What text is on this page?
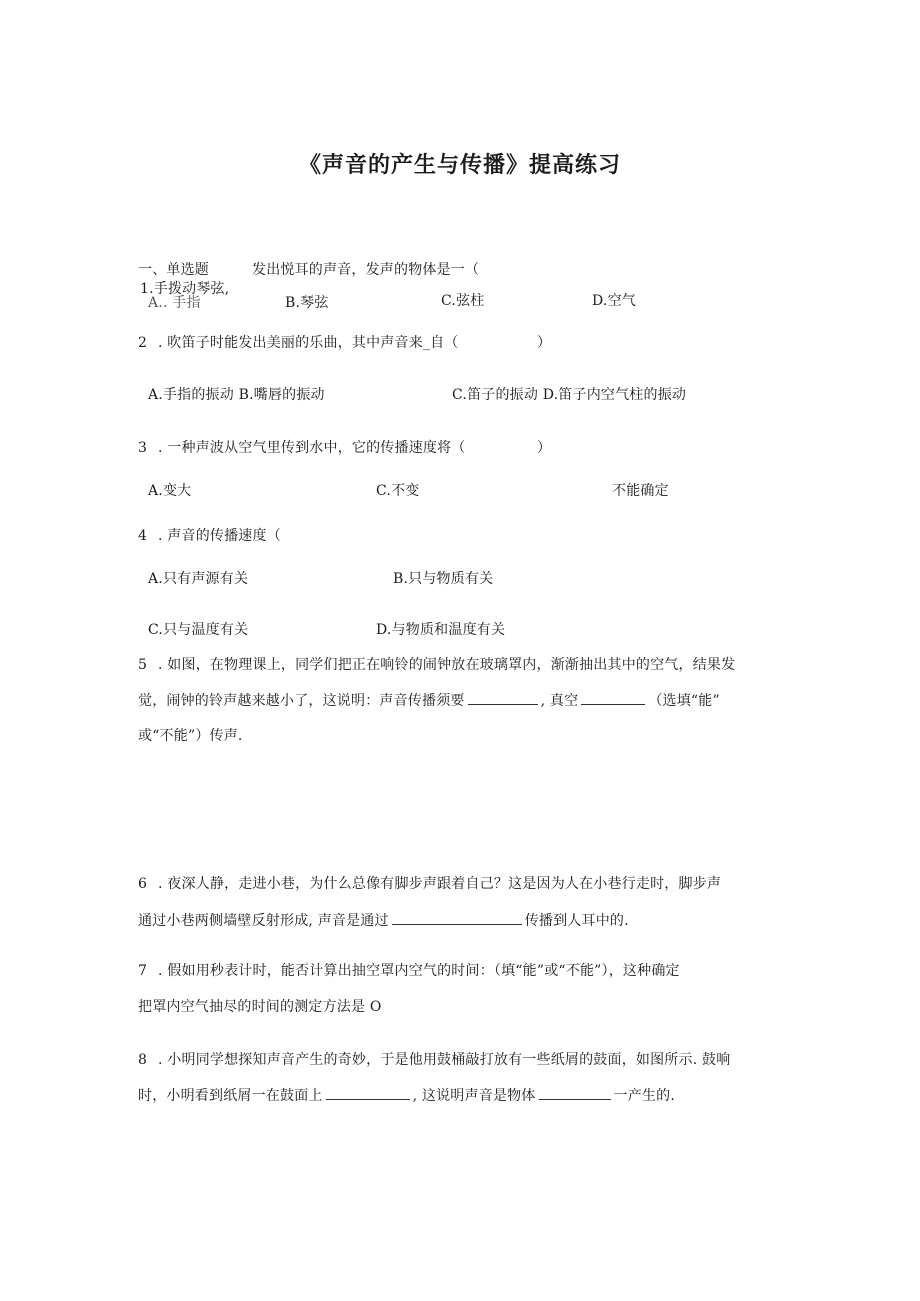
《声音的产生与传播》提高练习
一、单选题	发出悦耳的声音，发声的物体是一（
1.手拨动琴弦,
A.. 手指	B.琴弦	C.弦柱	D.空气
2 . 吹笛子时能发出美丽的乐曲，其中声音来_自（	）
A.手指的振动 B.嘴唇的振动	C.笛子的振动 D.笛子内空气柱的振动
3 . 一种声波从空气里传到水中，它的传播速度将（	）
A.变大	C.不变	不能确定
4 . 声音的传播速度（
A.只有声源有关	B.只与物质有关
C.只与温度有关	D.与物质和温度有关
5 . 如图，在物理课上，同学们把正在响铃的闹钟放在玻璃罩内，渐渐抽出其中的空气，结果发
觉，闹钟的铃声越来越小了，这说明：声音传播须要	, 真空	（选填“能”
或“不能”）传声.
6 . 夜深人静，走进小巷，为什么总像有脚步声跟着自己？这是因为人在小巷行走时，脚步声
通过小巷两侧墙壁反射形成, 声音是通过	传播到人耳中的.
7 . 假如用秒表计时，能否计算出抽空罩内空气的时间：（填“能”或“不能”），这种确定
把罩内空气抽尽的时间的测定方法是 O
8 . 小明同学想探知声音产生的奇妙，于是他用鼓桶敲打放有一些纸屑的鼓面，如图所示. 鼓响
时，小明看到纸屑一在鼓面上	, 这说明声音是物体	一产生的.
